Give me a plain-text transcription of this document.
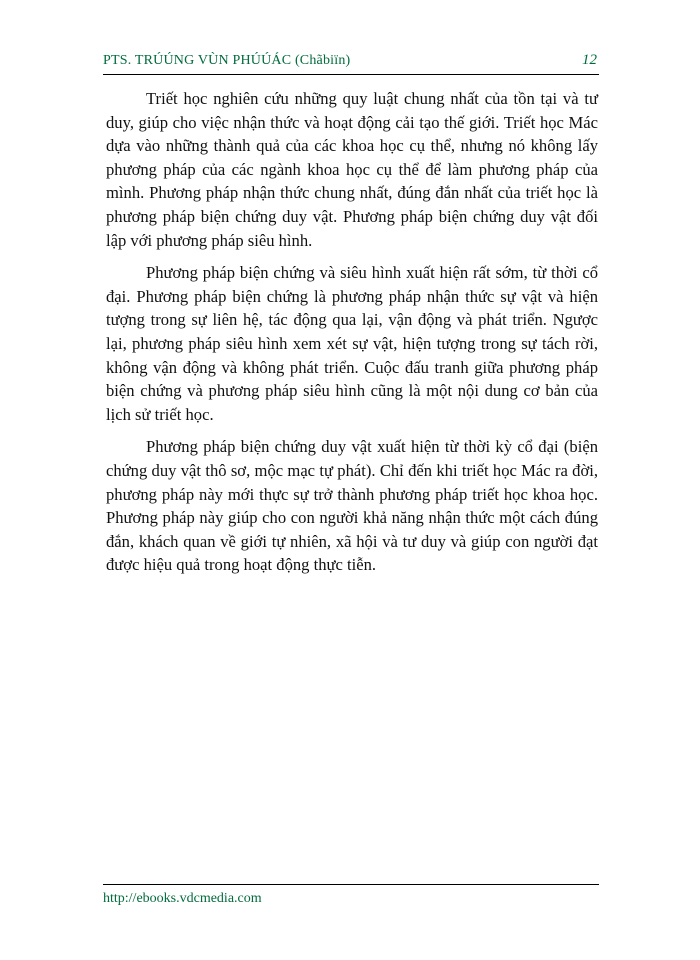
PTS. TRÚÚNG VÙN PHÚÚÁC (Chãbiïn)	12

Triết học nghiên cứu những quy luật chung nhất của tồn tại và tư duy, giúp cho việc nhận thức và hoạt động cải tạo thế giới. Triết học Mác dựa vào những thành quả của các khoa học cụ thể, nhưng nó không lấy phương pháp của các ngành khoa học cụ thể để làm phương pháp của mình. Phương pháp nhận thức chung nhất, đúng đắn nhất của triết học là phương pháp biện chứng duy vật. Phương pháp biện chứng duy vật đối lập với phương pháp siêu hình.

Phương pháp biện chứng và siêu hình xuất hiện rất sớm, từ thời cổ đại. Phương pháp biện chứng là phương pháp nhận thức sự vật và hiện tượng trong sự liên hệ, tác động qua lại, vận động và phát triển. Ngược lại, phương pháp siêu hình xem xét sự vật, hiện tượng trong sự tách rời, không vận động và không phát triển. Cuộc đấu tranh giữa phương pháp biện chứng và phương pháp siêu hình cũng là một nội dung cơ bản của lịch sử triết học.

Phương pháp biện chứng duy vật xuất hiện từ thời kỳ cổ đại (biện chứng duy vật thô sơ, mộc mạc tự phát). Chỉ đến khi triết học Mác ra đời, phương pháp này mới thực sự trở thành phương pháp triết học khoa học. Phương pháp này giúp cho con người khả năng nhận thức một cách đúng đắn, khách quan về giới tự nhiên, xã hội và tư duy và giúp con người đạt được hiệu quả trong hoạt động thực tiễn.

http://ebooks.vdcmedia.com
